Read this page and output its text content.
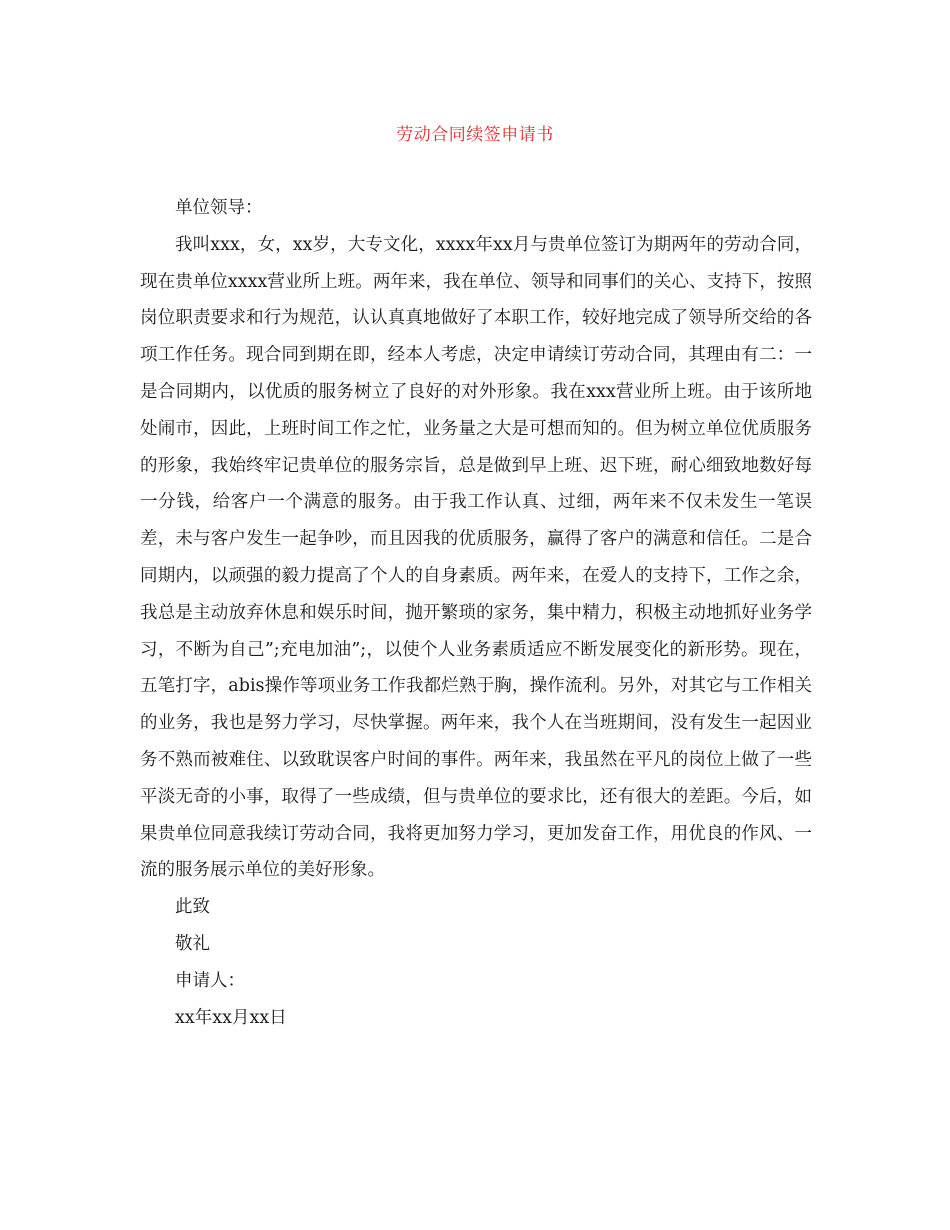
劳动合同续签申请书

单位领导：

我叫xxx，女，xx岁，大专文化，xxxx年xx月与贵单位签订为期两年的劳动合同，现在贵单位xxxx营业所上班。两年来，我在单位、领导和同事们的关心、支持下，按照岗位职责要求和行为规范，认认真真地做好了本职工作，较好地完成了领导所交给的各项工作任务。现合同到期在即，经本人考虑，决定申请续订劳动合同，其理由有二：一是合同期内，以优质的服务树立了良好的对外形象。我在xxx营业所上班。由于该所地处闹市，因此，上班时间工作之忙，业务量之大是可想而知的。但为树立单位优质服务的形象，我始终牢记贵单位的服务宗旨，总是做到早上班、迟下班，耐心细致地数好每一分钱，给客户一个满意的服务。由于我工作认真、过细，两年来不仅未发生一笔误差，未与客户发生一起争吵，而且因我的优质服务，赢得了客户的满意和信任。二是合同期内，以顽强的毅力提高了个人的自身素质。两年来，在爱人的支持下，工作之余，我总是主动放弃休息和娱乐时间，抛开繁琐的家务，集中精力，积极主动地抓好业务学习，不断为自己”;充电加油”;，以使个人业务素质适应不断发展变化的新形势。现在，五笔打字，abis操作等项业务工作我都烂熟于胸，操作流利。另外，对其它与工作相关的业务，我也是努力学习，尽快掌握。两年来，我个人在当班期间，没有发生一起因业务不熟而被难住、以致耽误客户时间的事件。两年来，我虽然在平凡的岗位上做了一些平淡无奇的小事，取得了一些成绩，但与贵单位的要求比，还有很大的差距。今后，如果贵单位同意我续订劳动合同，我将更加努力学习，更加发奋工作，用优良的作风、一流的服务展示单位的美好形象。

此致

敬礼

申请人：

xx年xx月xx日
